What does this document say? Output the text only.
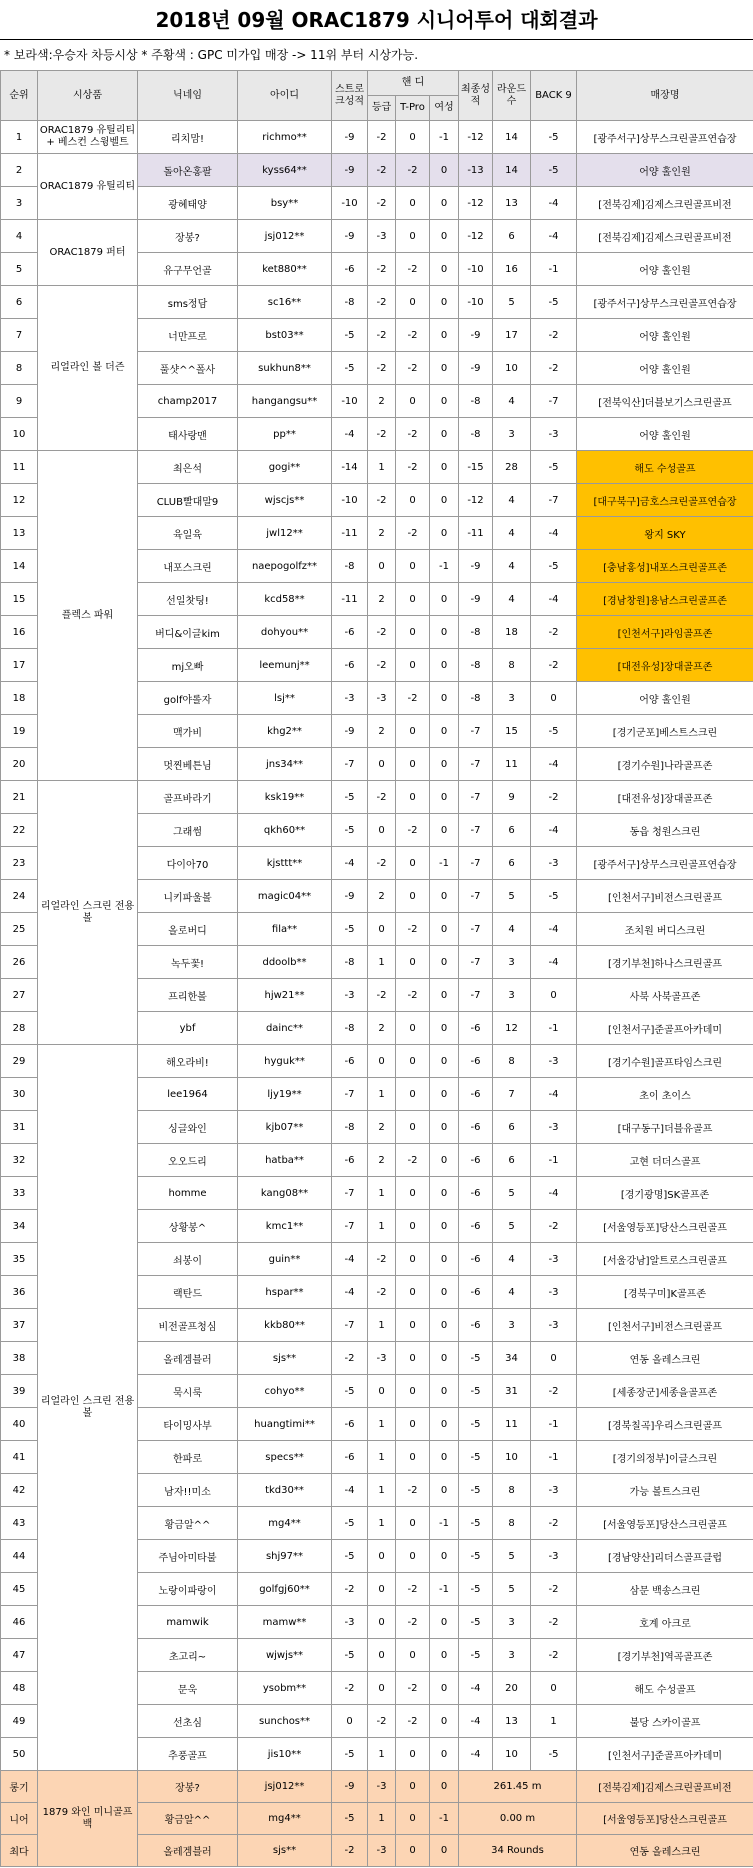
2018년 09월 ORAC1879 시니어투어 대회결과
* 보라색:우승자 차등시상 * 주황색 : GPC 미가입 매장 -> 11위 부터 시상가능.
순위	시상품	닉네임	아이디	스트로크성적	핸 디			최종성적	라운드수	BACK 9	매장명
					등급	T-Pro	여성				
1	ORAC1879 유틸리티 + 베스컨 스윙벨트	리치맘!	richmo**	-9	-2	0	-1	-12	14	-5	[광주서구]상무스크린골프연습장
2	ORAC1879 유틸리티	돌아온홍팔	kyss64**	-9	-2	-2	0	-13	14	-5	어양 홀인원
3		광혜태양	bsy**	-10	-2	0	0	-12	13	-4	[전북김제]김제스크린골프비전
4	ORAC1879 퍼터	장봉?	jsj012**	-9	-3	0	0	-12	6	-4	[전북김제]김제스크린골프비전
5		유구무언골	ket880**	-6	-2	-2	0	-10	16	-1	어양 홀인원
6	리얼라인 볼 더즌	sms정담	sc16**	-8	-2	0	0	-10	5	-5	[광주서구]상무스크린골프연습장
7		너만프로	bst03**	-5	-2	-2	0	-9	17	-2	어양 홀인원
8		풀샷^^폴사	sukhun8**	-5	-2	-2	0	-9	10	-2	어양 홀인원
9		champ2017	hangangsu**	-10	2	0	0	-8	4	-7	[전북익산]더블보기스크린골프
10		태사랑맨	pp**	-4	-2	-2	0	-8	3	-3	어양 홀인원
11	플렉스 파워	최은석	gogi**	-14	1	-2	0	-15	28	-5	해도 수성골프
12		CLUB빨대말9	wjscjs**	-10	-2	0	0	-12	4	-7	[대구북구]금호스크린골프연습장
13		육일육	jwl12**	-11	2	-2	0	-11	4	-4	왕지 SKY
14		내포스크린	naepogolfz**	-8	0	0	-1	-9	4	-5	[충남홍성]내포스크린골프존
15		선일찻팅!	kcd58**	-11	2	0	0	-9	4	-4	[경남창원]용남스크린골프존
16		버디&이글kim	dohyou**	-6	-2	0	0	-8	18	-2	[인천서구]라임골프존
17		mj오빠	leemunj**	-6	-2	0	0	-8	8	-2	[대전유성]장대골프존
18		golf야롤자	lsj**	-3	-3	-2	0	-8	3	0	어양 홀인원
19		맥가비	khg2**	-9	2	0	0	-7	15	-5	[경기군포]베스트스크린
20		멋찐베튼님	jns34**	-7	0	0	0	-7	11	-4	[경기수원]나라골프존
21	리얼라인 스크린 전용볼	골프바라기	ksk19**	-5	-2	0	0	-7	9	-2	[대전유성]장대골프존
22		그래썸	qkh60**	-5	0	-2	0	-7	6	-4	동읍 청원스크린
23		다이아70	kjsttt**	-4	-2	0	-1	-7	6	-3	[광주서구]상무스크린골프연습장
24		니키파울볼	magic04**	-9	2	0	0	-7	5	-5	[인천서구]비전스크린골프
25		올로버디	fila**	-5	0	-2	0	-7	4	-4	조치원 버디스크린
26		녹두꽃!	ddoolb**	-8	1	0	0	-7	3	-4	[경기부천]하나스크린골프
27		프리한볼	hjw21**	-3	-2	-2	0	-7	3	0	사북 사북골프존
28		ybf	dainc**	-8	2	0	0	-6	12	-1	[인천서구]준골프아카데미
29	리얼라인 스크린 전용볼	해오라비!	hyguk**	-6	0	0	0	-6	8	-3	[경기수원]골프타임스크린
30		lee1964	ljy19**	-7	1	0	0	-6	7	-4	초이 초이스
31		싱글와인	kjb07**	-8	2	0	0	-6	6	-3	[대구동구]더블유골프
32		오오드리	hatba**	-6	2	-2	0	-6	6	-1	고현 더더스골프
33		homme	kang08**	-7	1	0	0	-6	5	-4	[경기광명]SK골프존
34		상황봉^	kmc1**	-7	1	0	0	-6	5	-2	[서울영등포]당산스크린골프
35		쇠봉이	guin**	-4	-2	0	0	-6	4	-3	[서울강남]알트로스크린골프
36		랙탄드	hspar**	-4	-2	0	0	-6	4	-3	[경북구미]K골프존
37		비전골프청심	kkb80**	-7	1	0	0	-6	3	-3	[인천서구]비전스크린골프
38		올레겜블러	sjs**	-2	-3	0	0	-5	34	0	연동 올레스크린
39		묵시룩	cohyo**	-5	0	0	0	-5	31	-2	[세종장군]세종을골프존
40		타이밍사부	huangtimi**	-6	1	0	0	-5	11	-1	[경북칠곡]우리스크린골프
41		한파로	specs**	-6	1	0	0	-5	10	-1	[경기의정부]이글스크린
42		남자!!미소	tkd30**	-4	1	-2	0	-5	8	-3	가능 볼트스크린
43		황금알^^	mg4**	-5	1	0	-1	-5	8	-2	[서울영등포]당산스크린골프
44		주님아미타불	shj97**	-5	0	0	0	-5	5	-3	[경남양산]리더스골프클럽
45		노랑이파랑이	golfgj60**	-2	0	-2	-1	-5	5	-2	삼문 백송스크린
46		mamwik	mamw**	-3	0	-2	0	-5	3	-2	호계 아크로
47		초고리~	wjwjs**	-5	0	0	0	-5	3	-2	[경기부천]역곡골프존
48		문욱	ysobm**	-2	0	-2	0	-4	20	0	해도 수성골프
49		선초심	sunchos**	0	-2	-2	0	-4	13	1	불당 스카이골프
50		추풍골프	jis10**	-5	1	0	0	-4	10	-5	[인천서구]준골프아카데미
롱기	1879 와인 미니골프백	장봉?	jsj012**	-9	-3	0	0	261.45 m			[전북김제]김제스크린골프비전
니어		황금알^^	mg4**	-5	1	0	-1	0.00 m			[서울영등포]당산스크린골프
최다		올레겜블러	sjs**	-2	-3	0	0	34 Rounds			연동 올레스크린
